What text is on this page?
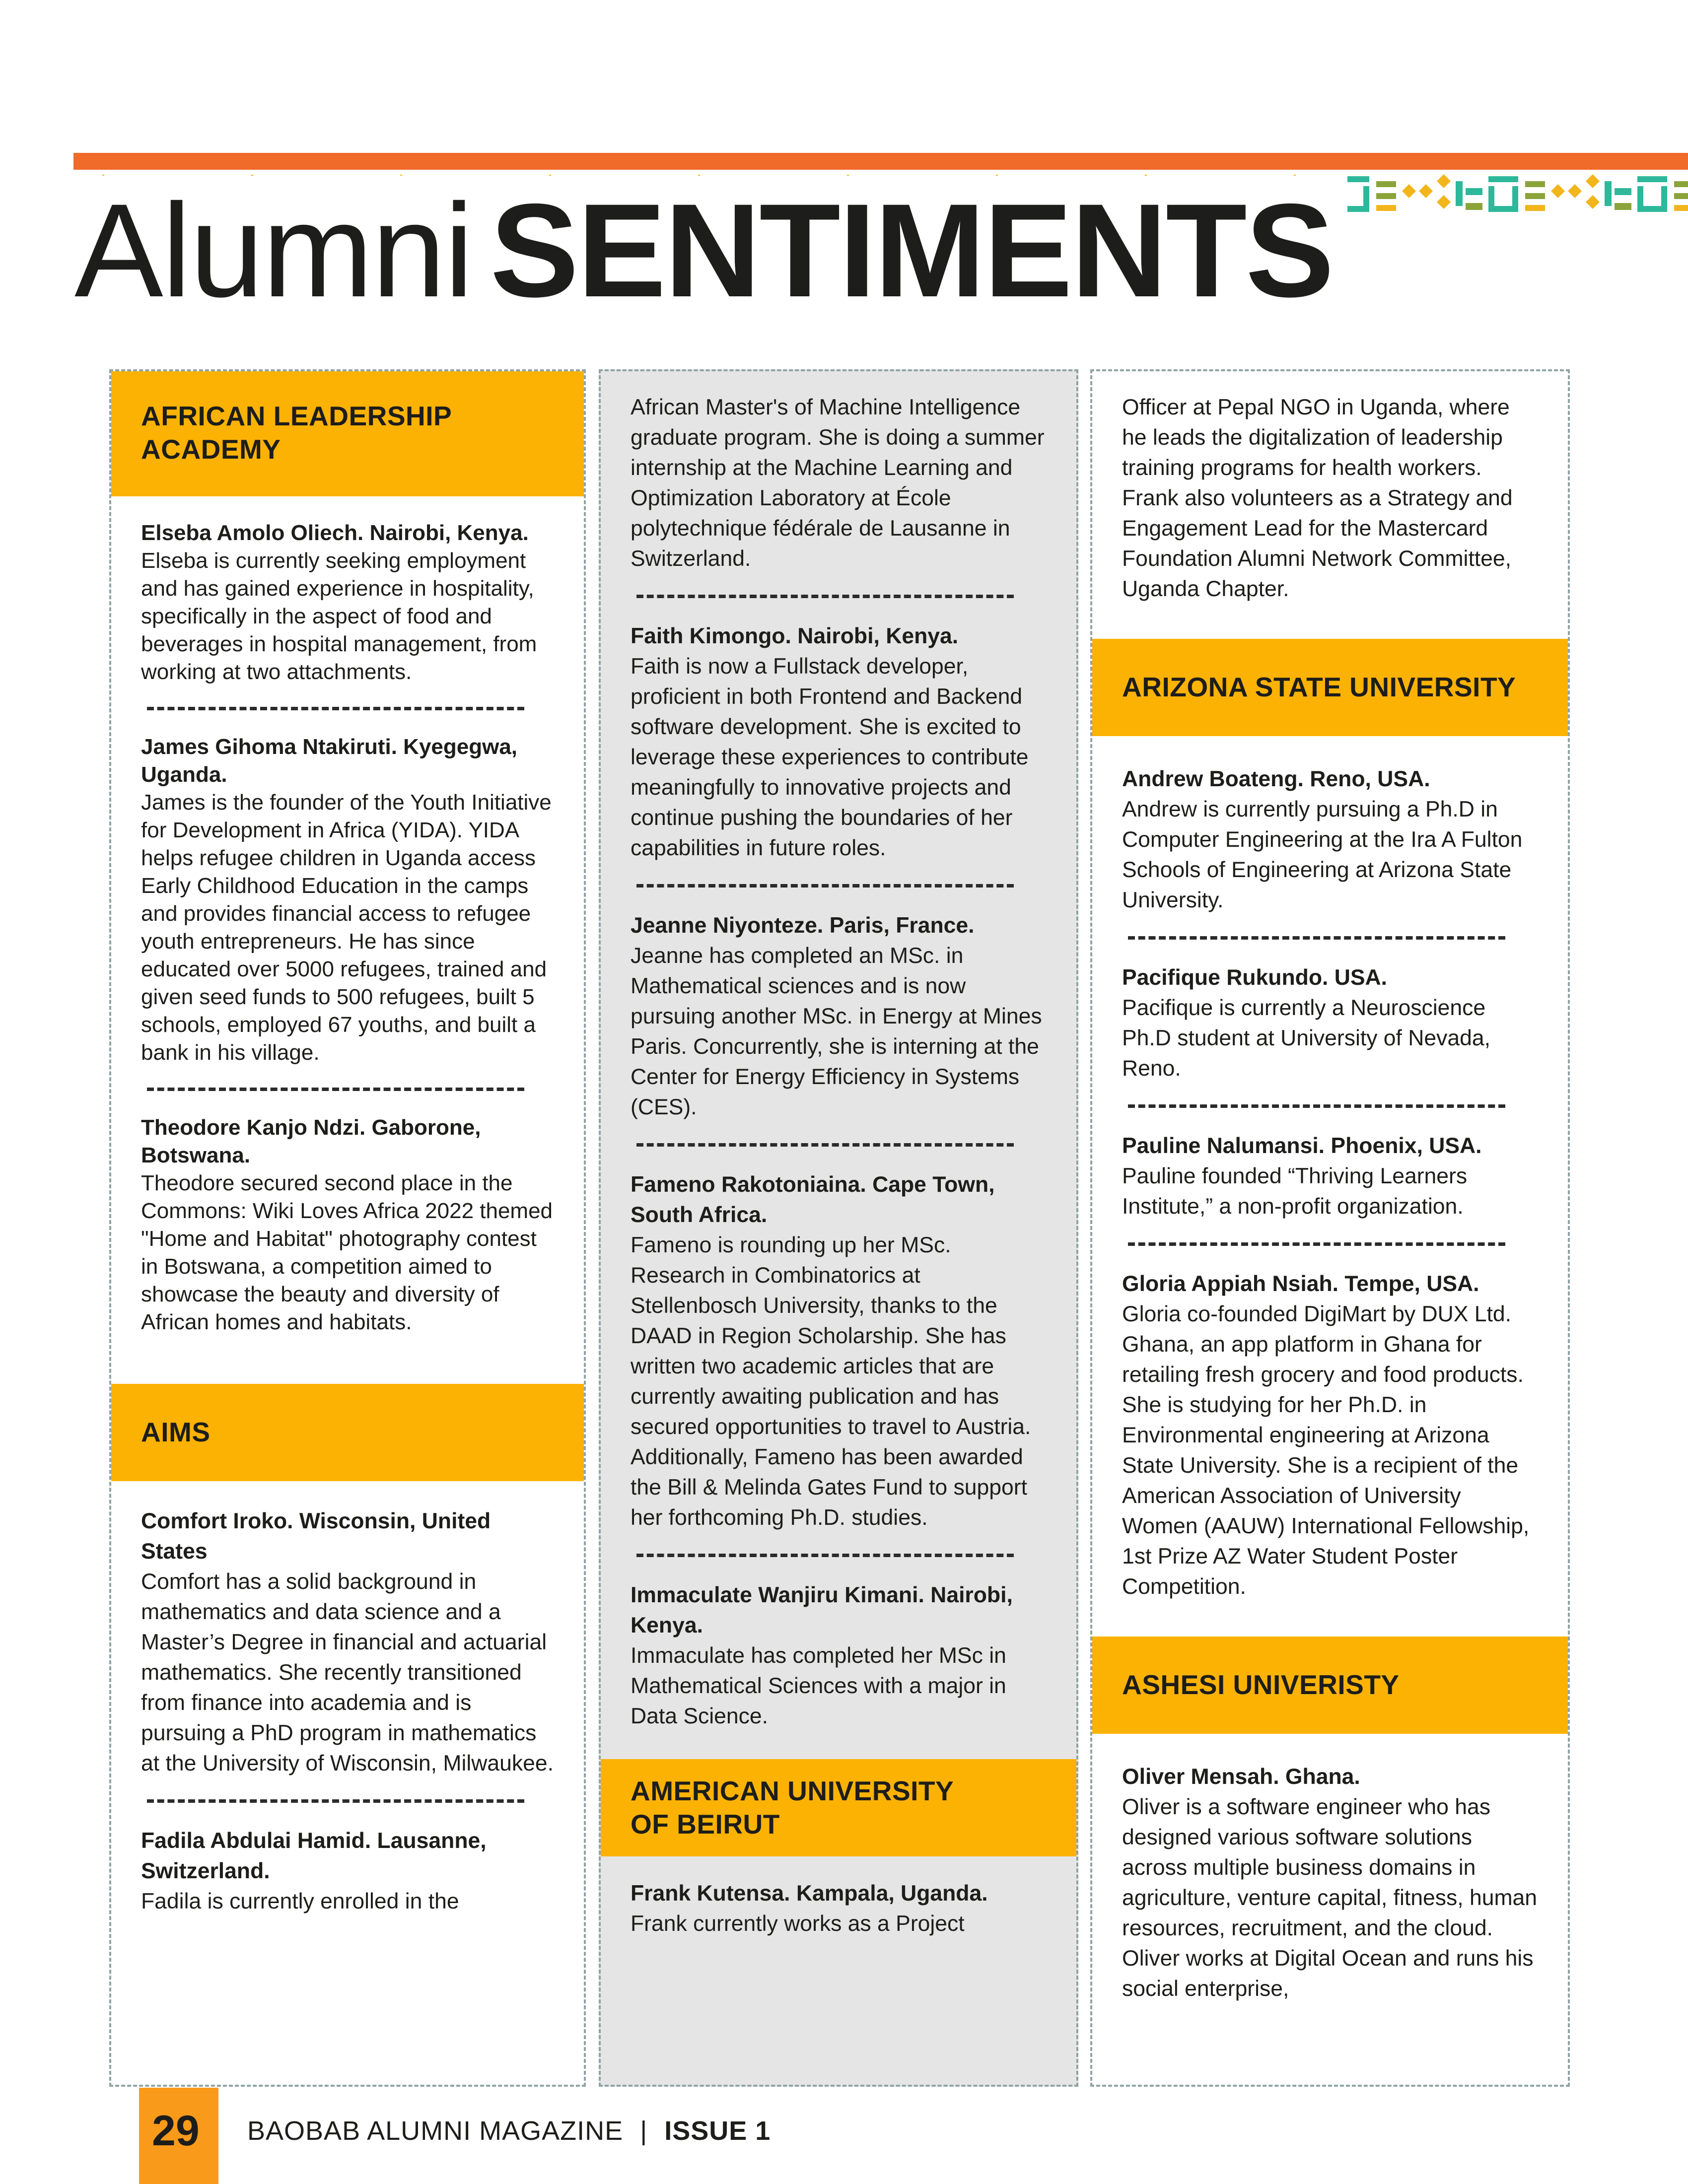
Alumni SENTIMENTS
AFRICAN LEADERSHIP ACADEMY

Elseba Amolo Oliech. Nairobi, Kenya.

Elseba is currently seeking employment and has gained experience in hospitality, specifically in the aspect of food and beverages in hospital management, from working at two attachments.

James Gihoma Ntakiruti. Kyegegwa, Uganda.

James is the founder of the Youth Initiative for Development in Africa (YIDA). YIDA helps refugee children in Uganda access Early Childhood Education in the camps and provides financial access to refugee youth entrepreneurs. He has since educated over 5000 refugees, trained and given seed funds to 500 refugees, built 5 schools, employed 67 youths, and built a bank in his village.

Theodore Kanjo Ndzi. Gaborone, Botswana.

Theodore secured second place in the Commons: Wiki Loves Africa 2022 themed "Home and Habitat" photography contest in Botswana, a competition aimed to showcase the beauty and diversity of African homes and habitats.

AIMS

Comfort Iroko. Wisconsin, United States

Comfort has a solid background in mathematics and data science and a Master’s Degree in financial and actuarial mathematics. She recently transitioned from finance into academia and is pursuing a PhD program in mathematics at the University of Wisconsin, Milwaukee.

Fadila Abdulai Hamid. Lausanne, Switzerland.

Fadila is currently enrolled in the

African Master's of Machine Intelligence graduate program. She is doing a summer internship at the Machine Learning and Optimization Laboratory at École polytechnique fédérale de Lausanne in Switzerland.

Faith Kimongo. Nairobi, Kenya.

Faith is now a Fullstack developer, proficient in both Frontend and Backend software development. She is excited to leverage these experiences to contribute meaningfully to innovative projects and continue pushing the boundaries of her capabilities in future roles.

Jeanne Niyonteze. Paris, France.

Jeanne has completed an MSc. in Mathematical sciences and is now pursuing another MSc. in Energy at Mines Paris. Concurrently, she is interning at the Center for Energy Efficiency in Systems (CES).

Fameno Rakotoniaina. Cape Town, South Africa.

Fameno is rounding up her MSc. Research in Combinatorics at Stellenbosch University, thanks to the DAAD in Region Scholarship. She has written two academic articles that are currently awaiting publication and has secured opportunities to travel to Austria. Additionally, Fameno has been awarded the Bill & Melinda Gates Fund to support her forthcoming Ph.D. studies.

Immaculate Wanjiru Kimani. Nairobi, Kenya.

Immaculate has completed her MSc in Mathematical Sciences with a major in Data Science.

AMERICAN UNIVERSITY OF BEIRUT

Frank Kutensa. Kampala, Uganda.

Frank currently works as a Project

Officer at Pepal NGO in Uganda, where he leads the digitalization of leadership training programs for health workers. Frank also volunteers as a Strategy and Engagement Lead for the Mastercard Foundation Alumni Network Committee, Uganda Chapter.

ARIZONA STATE UNIVERSITY

Andrew Boateng. Reno, USA.

Andrew is currently pursuing a Ph.D in Computer Engineering at the Ira A Fulton Schools of Engineering at Arizona State University.

Pacifique Rukundo. USA.

Pacifique is currently a Neuroscience Ph.D student at University of Nevada, Reno.

Pauline Nalumansi. Phoenix, USA.

Pauline founded “Thriving Learners Institute,” a non-profit organization.

Gloria Appiah Nsiah. Tempe, USA.

Gloria co-founded DigiMart by DUX Ltd. Ghana, an app platform in Ghana for retailing fresh grocery and food products. She is studying for her Ph.D. in Environmental engineering at Arizona State University. She is a recipient of the American Association of University Women (AAUW) International Fellowship, 1st Prize AZ Water Student Poster Competition.

ASHESI UNIVERISTY

Oliver Mensah. Ghana.

Oliver is a software engineer who has designed various software solutions across multiple business domains in agriculture, venture capital, fitness, human resources, recruitment, and the cloud. Oliver works at Digital Ocean and runs his social enterprise,

29 BAOBAB ALUMNI MAGAZINE | ISSUE 1
